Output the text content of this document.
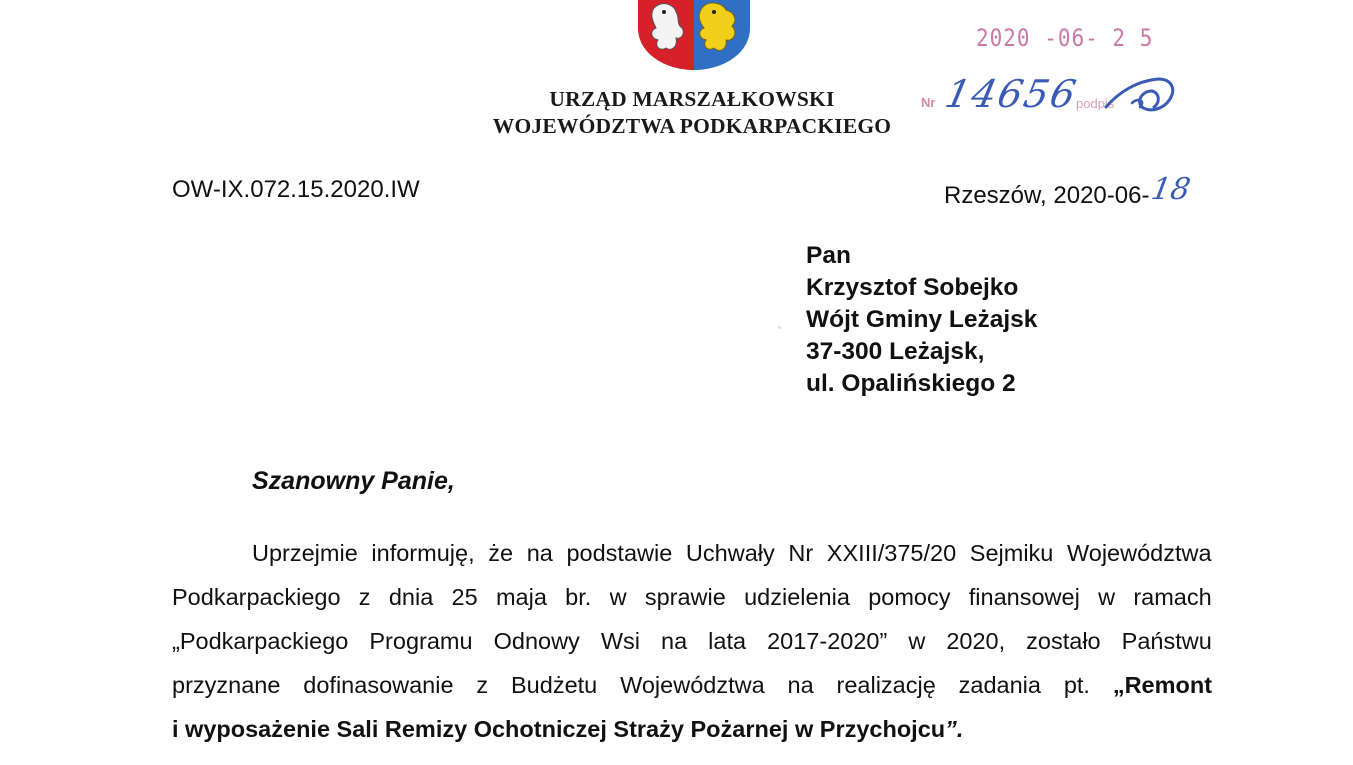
URZĄD MARSZAŁKOWSKI
WOJEWÓDZTWA PODKARPACKIEGO
2020 -06- 2 5
Nr 14656
podpis
OW-IX.072.15.2020.IW	Rzeszów, 2020-06-18
Pan
Krzysztof Sobejko
Wójt Gminy Leżajsk
37-300 Leżajsk,
ul. Opalińskiego 2
Szanowny Panie,
Uprzejmie informuję, że na podstawie Uchwały Nr XXIII/375/20 Sejmiku Województwa
Podkarpackiego z dnia 25 maja br. w sprawie udzielenia pomocy finansowej w ramach
„Podkarpackiego Programu Odnowy Wsi na lata 2017-2020” w 2020, zostało Państwu
przyznane dofinasowanie z Budżetu Województwa na realizację zadania pt. „Remont
i wyposażenie Sali Remizy Ochotniczej Straży Pożarnej w Przychojcu”.
